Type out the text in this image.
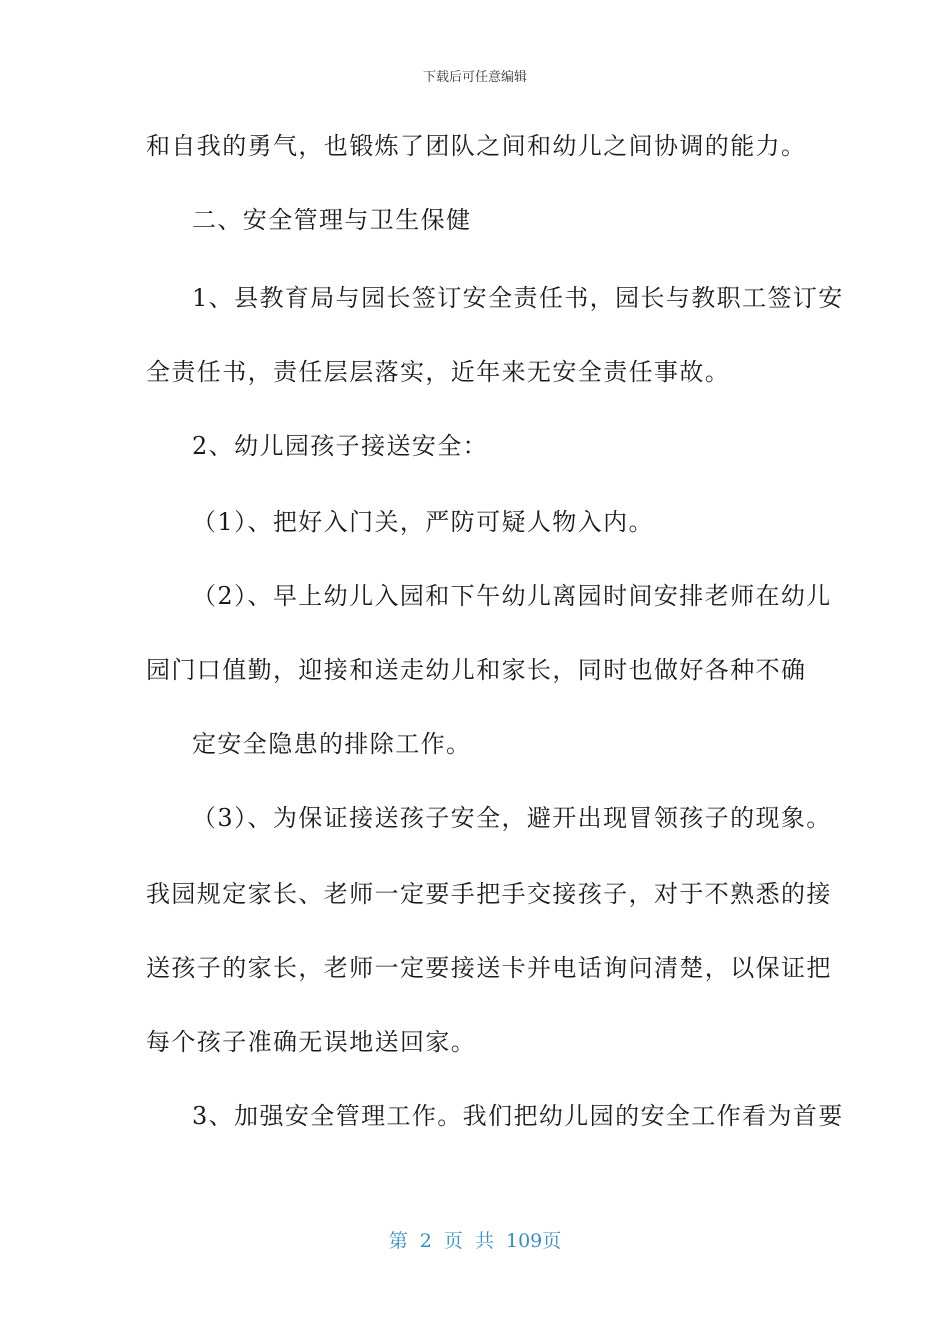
下载后可任意编辑
和自我的勇气，也锻炼了团队之间和幼儿之间协调的能力。
二、安全管理与卫生保健
1、县教育局与园长签订安全责任书，园长与教职工签订安
全责任书，责任层层落实，近年来无安全责任事故。
2、幼儿园孩子接送安全：
（1）、把好入门关，严防可疑人物入内。
（2）、早上幼儿入园和下午幼儿离园时间安排老师在幼儿
园门口值勤，迎接和送走幼儿和家长，同时也做好各种不确
定安全隐患的排除工作。
（3）、为保证接送孩子安全，避开出现冒领孩子的现象。
我园规定家长、老师一定要手把手交接孩子，对于不熟悉的接
送孩子的家长，老师一定要接送卡并电话询问清楚，以保证把
每个孩子准确无误地送回家。
3、加强安全管理工作。我们把幼儿园的安全工作看为首要
第 2 页 共 109页
